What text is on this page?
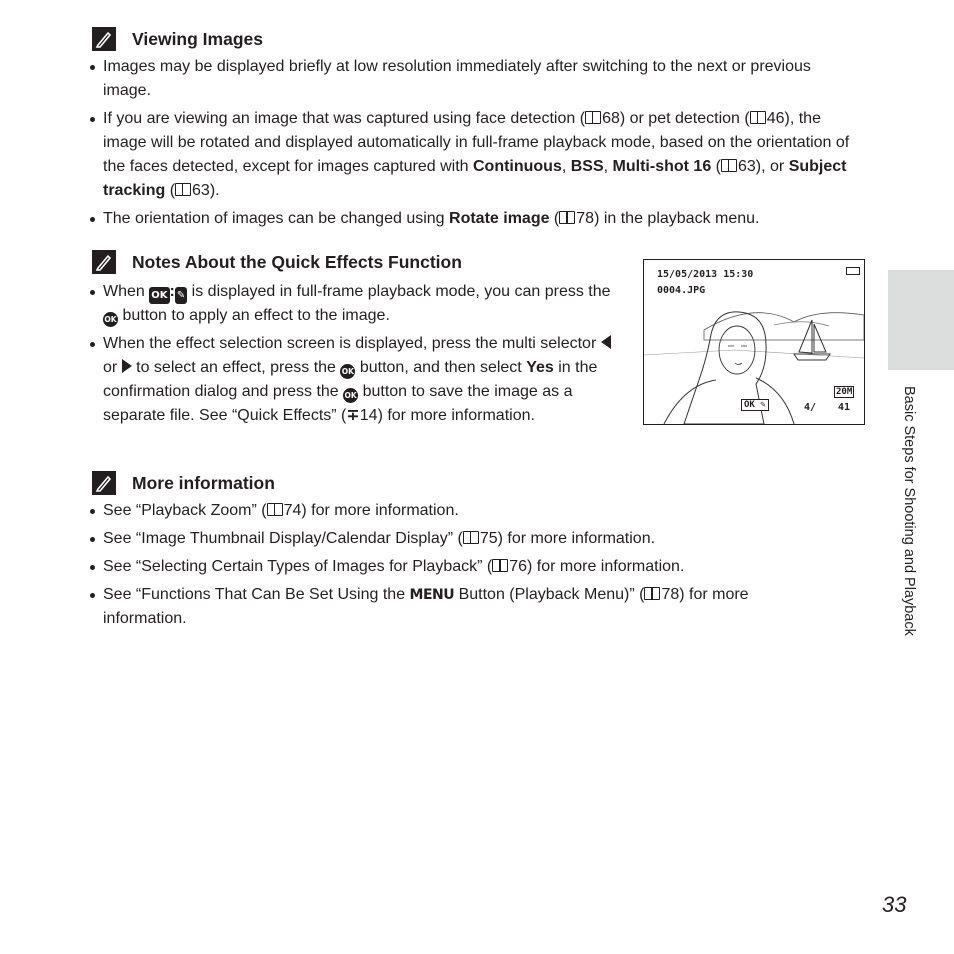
Viewing Images
Images may be displayed briefly at low resolution immediately after switching to the next or previous image.
If you are viewing an image that was captured using face detection ( 68) or pet detection ( 46), the image will be rotated and displayed automatically in full-frame playback mode, based on the orientation of the faces detected, except for images captured with Continuous, BSS, Multi-shot 16 ( 63), or Subject tracking ( 63).
The orientation of images can be changed using Rotate image ( 78) in the playback menu.
Notes About the Quick Effects Function
When OK : ✎ is displayed in full-frame playback mode, you can press the OK button to apply an effect to the image.
When the effect selection screen is displayed, press the multi selector  or  to select an effect, press the OK button, and then select Yes in the confirmation dialog and press the OK button to save the image as a separate file. See “Quick Effects” (∓14) for more information.
15/05/2013 15:30
0004.JPG
20M
OK ✎	4/ 41
More information
See “Playback Zoom” ( 74) for more information.
See “Image Thumbnail Display/Calendar Display” ( 75) for more information.
See “Selecting Certain Types of Images for Playback” ( 76) for more information.
See “Functions That Can Be Set Using the MENU Button (Playback Menu)” ( 78) for more information.	Basic Steps for Shooting and Playback
33
